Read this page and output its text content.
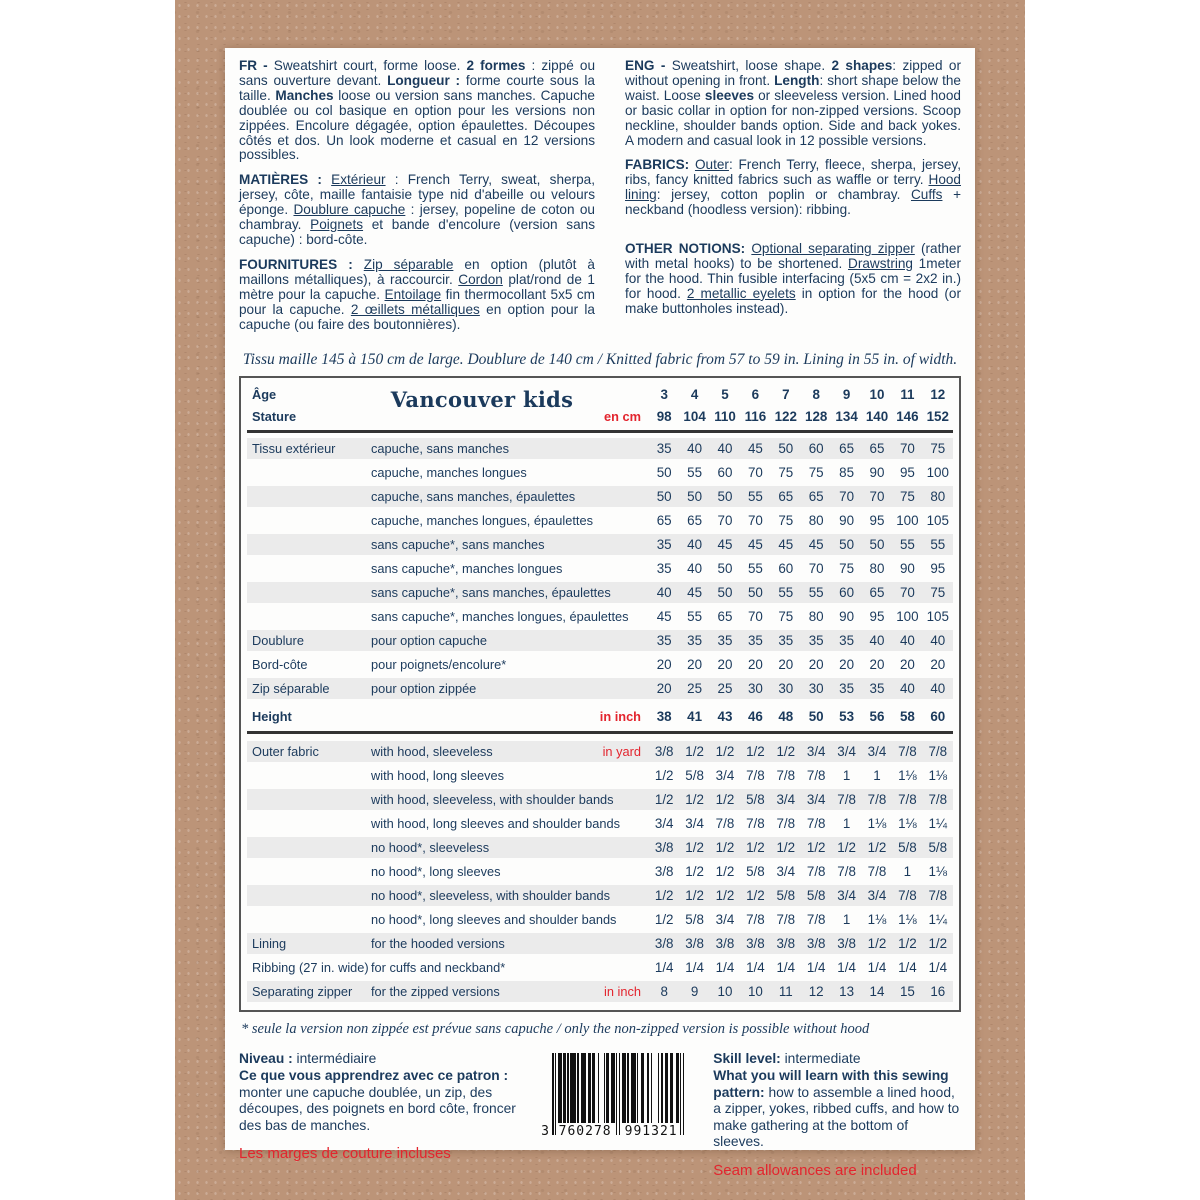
FR - Sweatshirt court, forme loose. 2 formes : zippé ou sans ouverture devant. Longueur : forme courte sous la taille. Manches loose ou version sans manches. Capuche doublée ou col basique en option pour les versions non zippées. Encolure dégagée, option épaulettes. Découpes côtés et dos. Un look moderne et casual en 12 versions possibles.

MATIÈRES : Extérieur : French Terry, sweat, sherpa, jersey, côte, maille fantaisie type nid d'abeille ou velours éponge. Doublure capuche : jersey, popeline de coton ou chambray. Poignets et bande d'encolure (version sans capuche) : bord-côte.

FOURNITURES : Zip séparable en option (plutôt à maillons métalliques), à raccourcir. Cordon plat/rond de 1 mètre pour la capuche. Entoilage fin thermocollant 5x5 cm pour la capuche. 2 œillets métalliques en option pour la capuche (ou faire des boutonnières).

ENG - Sweatshirt, loose shape. 2 shapes: zipped or without opening in front. Length: short shape below the waist. Loose sleeves or sleeveless version. Lined hood or basic collar in option for non-zipped versions. Scoop neckline, shoulder bands option. Side and back yokes. A modern and casual look in 12 possible versions.

FABRICS: Outer: French Terry, fleece, sherpa, jersey, ribs, fancy knitted fabrics such as waffle or terry. Hood lining: jersey, cotton poplin or chambray. Cuffs + neckband (hoodless version): ribbing.

OTHER NOTIONS: Optional separating zipper (rather with metal hooks) to be shortened. Drawstring 1meter for the hood. Thin fusible interfacing (5x5 cm = 2x2 in.) for hood. 2 metallic eyelets in option for the hood (or make buttonholes instead).

Tissu maille 145 à 150 cm de large. Doublure de 140 cm / Knitted fabric from 57 to 59 in. Lining in 55 in. of width.
Vancouver kids
Âge	3	4	5	6	7	8	9	10	11	12
Stature	en cm	98 104 110 116 122 128 134 140 146 152
Tissu extérieur	capuche, sans manches	35	40	40	45	50	60	65	65	70	75
capuche, manches longues	50	55	60	70	75	75	85	90	95 100
capuche, sans manches, épaulettes	50	50	50	55	65	65	70	70	75	80
capuche, manches longues, épaulettes	65	65	70	70	75	80	90	95 100 105
sans capuche*, sans manches	35	40	45	45	45	45	50	50	55	55
sans capuche*, manches longues	35	40	50	55	60	70	75	80	90	95
sans capuche*, sans manches, épaulettes	40	45	50	50	55	55	60	65	70	75
sans capuche*, manches longues, épaulettes	45	55	65	70	75	80	90	95 100 105
Doublure	pour option capuche	35	35	35	35	35	35	35	40	40	40
Bord-côte	pour poignets/encolure*	20	20	20	20	20	20	20	20	20	20
Zip séparable	pour option zippée	20	25	25	30	30	30	35	35	40	40
Height	in inch	38	41	43	46	48	50	53	56	58	60
Outer fabric	with hood, sleeveless	in yard	3/8 1/2 1/2 1/2 1/2 3/4 3/4 3/4 7/8 7/8
with hood, long sleeves	1/2 5/8 3/4 7/8 7/8 7/8	1	1	1⅛ 1⅛
with hood, sleeveless, with shoulder bands	1/2 1/2 1/2 5/8 3/4 3/4 7/8 7/8 7/8 7/8
with hood, long sleeves and shoulder bands	3/4 3/4 7/8 7/8 7/8 7/8	1	1⅛ 1⅛ 1¼
no hood*, sleeveless	3/8 1/2 1/2 1/2 1/2 1/2 1/2 1/2 5/8 5/8
no hood*, long sleeves	3/8 1/2 1/2 5/8 3/4 7/8 7/8 7/8	1	1⅛
no hood*, sleeveless, with shoulder bands	1/2 1/2 1/2 1/2 5/8 5/8 3/4 3/4 7/8 7/8
no hood*, long sleeves and shoulder bands	1/2 5/8 3/4 7/8 7/8 7/8	1	1⅛ 1⅛ 1¼
Lining	for the hooded versions	3/8 3/8 3/8 3/8 3/8 3/8 3/8 1/2 1/2 1/2
Ribbing (27 in. wide) for cuffs and neckband*	1/4 1/4 1/4 1/4 1/4 1/4 1/4 1/4 1/4 1/4
Separating zipper	for the zipped versions	in inch	8	9	10	10	11	12	13	14	15	16
* seule la version non zippée est prévue sans capuche / only the non-zipped version is possible without hood
Niveau : intermédiaire
Ce que vous apprendrez avec ce patron :
monter une capuche doublée, un zip, des découpes, des poignets en bord côte, froncer des bas de manches.
Les marges de couture incluses
3 760278 991321
Skill level: intermediate
What you will learn with this sewing pattern: how to assemble a lined hood, a zipper, yokes, ribbed cuffs, and how to make gathering at the bottom of sleeves.
Seam allowances are included
